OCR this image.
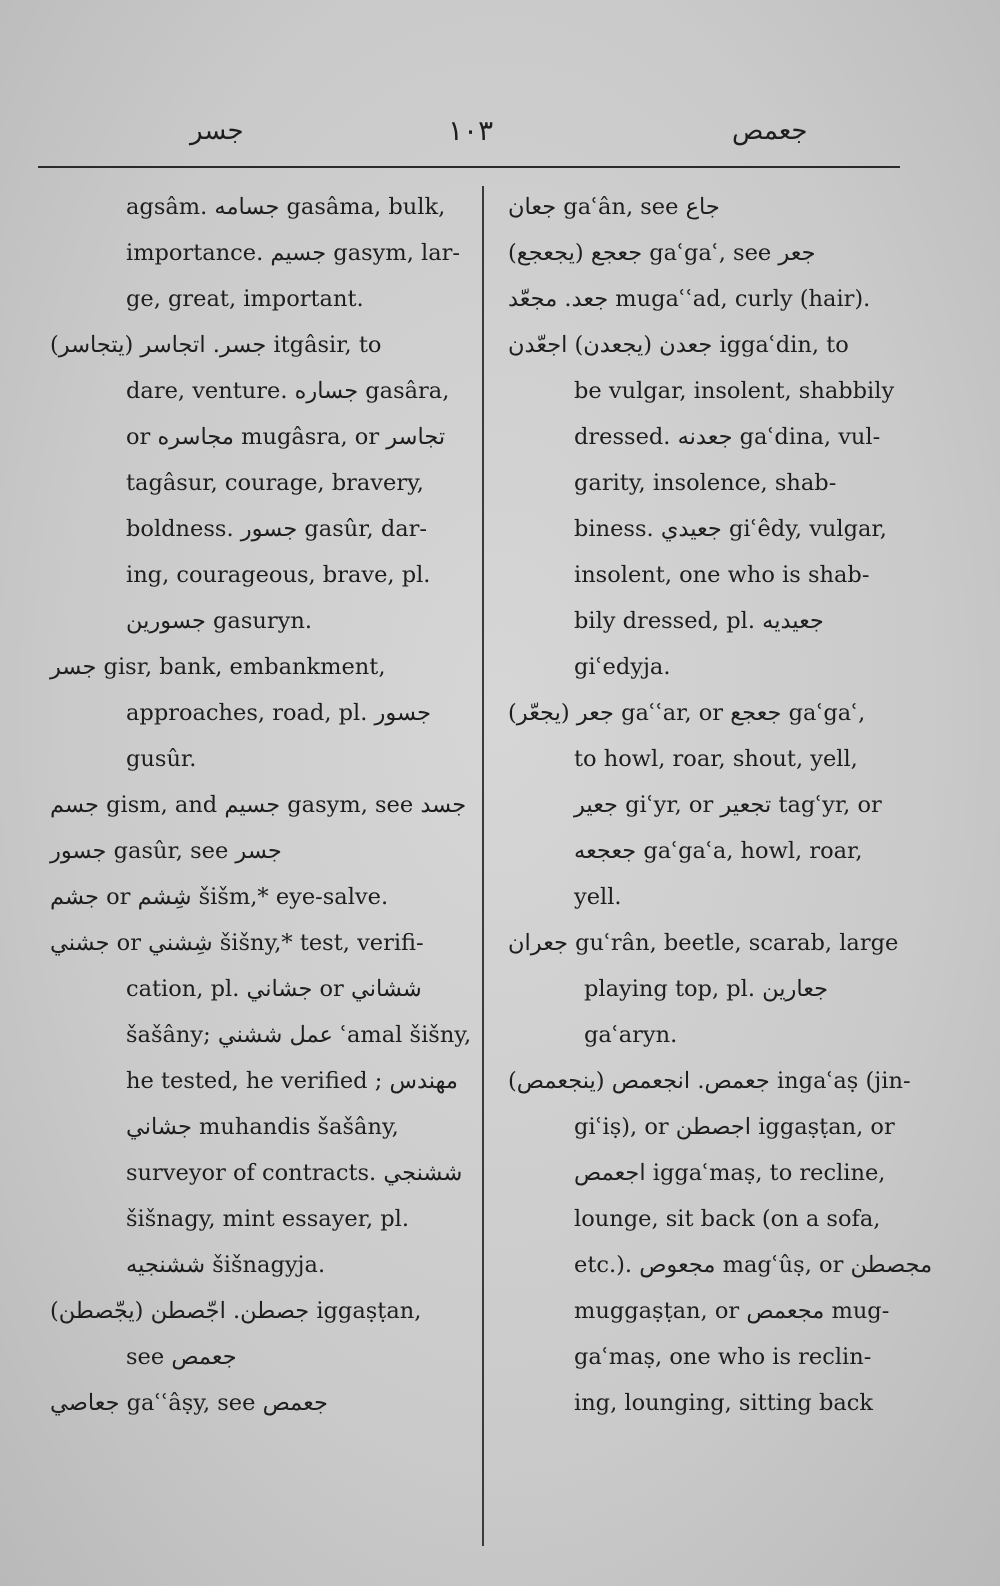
جسر	١٠٣	جعمص
agsâm. جسامه gasâma, bulk,
importance. جسيم gasym, lar-
ge, great, important.
جسر. اتجاسر (يتجاسر) itgâsir, to
dare, venture. جساره gasâra,
or مجاسره mugâsra, or تجاسر
tagâsur, courage, bravery,
boldness. جسور gasûr, dar-
ing, courageous, brave, pl.
جسورين gasuryn.
جسر gisr, bank, embankment,
approaches, road, pl. جسور
gusûr.
جسم gism, and جسيم gasym, see جسد
جسور gasûr, see جسر
جشم or شِشم šišm,* eye-salve.
جشني or شِشني šišny,* test, verifi-
cation, pl. جشاني or ششاني
šašâny; عمل ششني ʿamal šišny,
he tested, he verified ; مهندس
جشاني muhandis šašâny,
surveyor of contracts. ششنجي
šišnagy, mint essayer, pl.
ششنجيه šišnagyja.
جصطن. اجّصطن (يجّصطن) iggaṣṭan,
see جعمص
جعاصي gaʿʿâṣy, see جعمص
جعان gaʿân, see جاع
جعجع (يجعجع) gaʿgaʿ, see جعر
جعد. مجعّد mugaʿʿad, curly (hair).
جعدن (يجعدن) اجعّدن iggaʿdin, to
be vulgar, insolent, shabbily
dressed. جعدنه gaʿdina, vul-
garity, insolence, shab-
biness. جعيدي giʿêdy, vulgar,
insolent, one who is shab-
bily dressed, pl. جعيديه
giʿedyja.
جعر (يجعّر) gaʿʿar, or جعجع gaʿgaʿ,
to howl, roar, shout, yell,
جعير giʿyr, or تجعير tagʿyr, or
جعجعه gaʿgaʿa, howl, roar,
yell.
جعران guʿrân, beetle, scarab, large
playing top, pl. جعارين
gaʿaryn.
جعمص. انجعمص (ينجعمص) ingaʿaṣ (jin-
giʿiṣ), or اجصطن iggaṣṭan, or
اجعمص iggaʿmaṣ, to recline,
lounge, sit back (on a sofa,
etc.). مجعوص magʿûṣ, or مجصطن
muggaṣṭan, or مجعمص mug-
gaʿmaṣ, one who is reclin-
ing, lounging, sitting back
